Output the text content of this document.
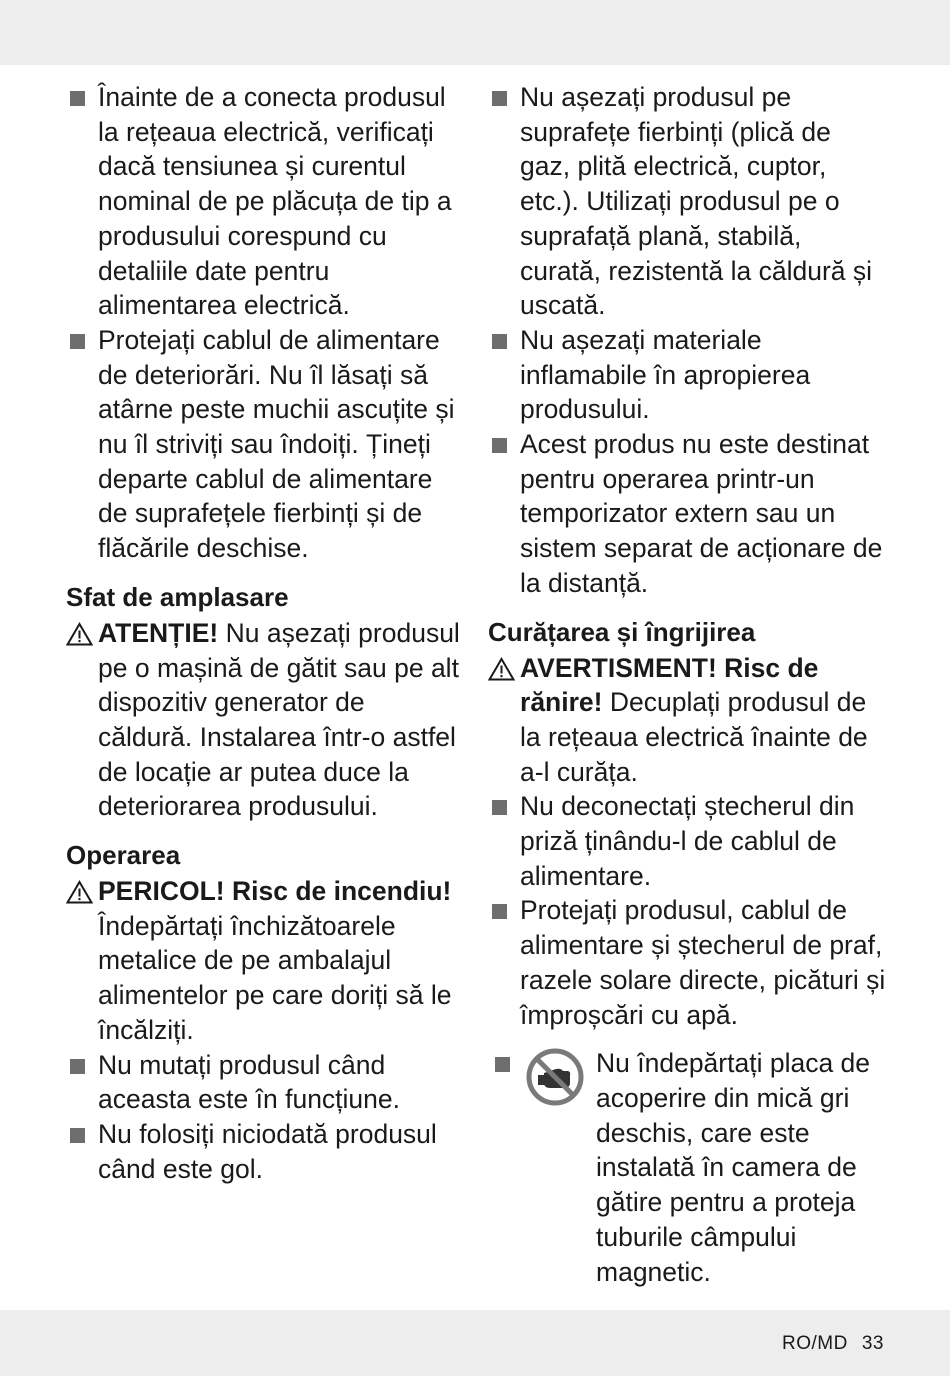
Înainte de a conecta produsul la rețeaua electrică, verificați dacă tensiunea și curentul nominal de pe plăcuța de tip a produsului corespund cu detaliile date pentru alimentarea electrică.
Protejați cablul de alimentare de deteriorări. Nu îl lăsați să atârne peste muchii ascuțite și nu îl striviți sau îndoiți. Țineți departe cablul de alimentare de suprafețele fierbinți și de flăcările deschise.
Sfat de amplasare
ATENȚIE! Nu așezați produsul pe o mașină de gătit sau pe alt dispozitiv generator de căldură. Instalarea într-o astfel de locație ar putea duce la deteriorarea produsului.
Operarea
PERICOL! Risc de incendiu! Îndepărtați închizătoarele metalice de pe ambalajul alimentelor pe care doriți să le încălziți.
Nu mutați produsul când aceasta este în funcțiune.
Nu folosiți niciodată produsul când este gol.
Nu așezați produsul pe suprafețe fierbinți (plică de gaz, plită electrică, cuptor, etc.). Utilizați produsul pe o suprafață plană, stabilă, curată, rezistentă la căldură și uscată.
Nu așezați materiale inflamabile în apropierea produsului.
Acest produs nu este destinat pentru operarea printr-un temporizator extern sau un sistem separat de acționare de la distanță.
Curățarea și îngrijirea
AVERTISMENT! Risc de rănire! Decuplați produsul de la rețeaua electrică înainte de a-l curăța.
Nu deconectați ștecherul din priză ținându-l de cablul de alimentare.
Protejați produsul, cablul de alimentare și ștecherul de praf, razele solare directe, picături și împroșcări cu apă.
Nu îndepărtați placa de acoperire din mică gri deschis, care este instalată în camera de gătire pentru a proteja tuburile câmpului magnetic.
RO/MD 33
